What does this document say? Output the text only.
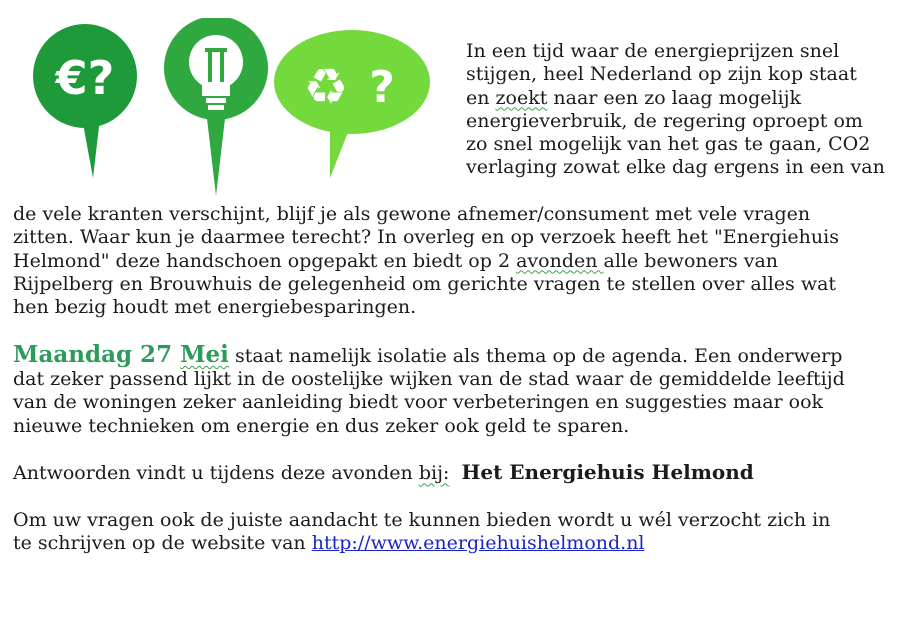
€?	♻ ?

In een tijd waar de energieprijzen snel
stijgen, heel Nederland op zijn kop staat
en zoekt naar een zo laag mogelijk
energieverbruik, de regering oproept om
zo snel mogelijk van het gas te gaan, CO2
verlaging zowat elke dag ergens in een van

de vele kranten verschijnt, blijf je als gewone afnemer/consument met vele vragen
zitten. Waar kun je daarmee terecht? In overleg en op verzoek heeft het "Energiehuis
Helmond" deze handschoen opgepakt en biedt op 2 avonden alle bewoners van
Rijpelberg en Brouwhuis de gelegenheid om gerichte vragen te stellen over alles wat
hen bezig houdt met energiebesparingen.

Maandag 27 Mei staat namelijk isolatie als thema op de agenda. Een onderwerp
dat zeker passend lijkt in de oostelijke wijken van de stad waar de gemiddelde leeftijd
van de woningen zeker aanleiding biedt voor verbeteringen en suggesties maar ook
nieuwe technieken om energie en dus zeker ook geld te sparen.

Antwoorden vindt u tijdens deze avonden bij: Het Energiehuis Helmond

Om uw vragen ook de juiste aandacht te kunnen bieden wordt u wél verzocht zich in
te schrijven op de website van http://www.energiehuishelmond.nl
